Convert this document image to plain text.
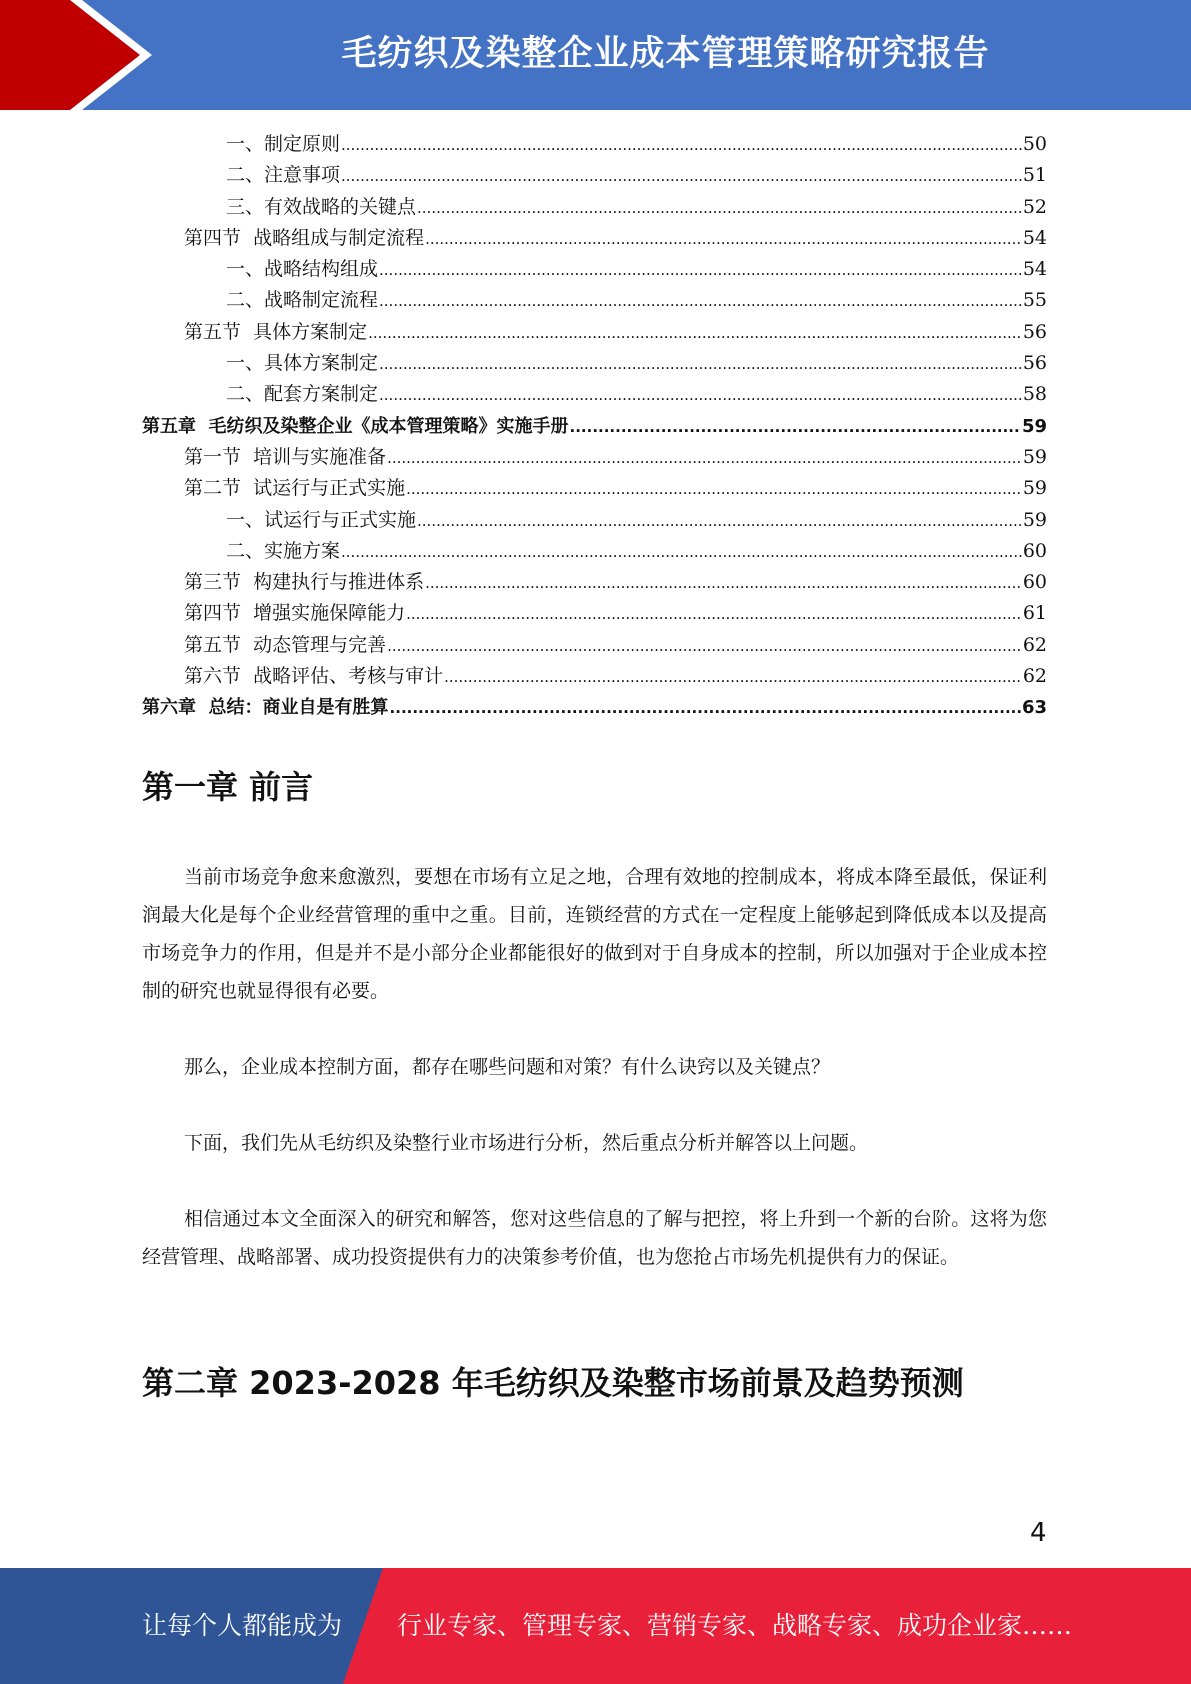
毛纺织及染整企业成本管理策略研究报告
一、制定原则 .....	50
二、注意事项 .....	51
三、有效战略的关键点 .....	52
第四节  战略组成与制定流程 .....	54
一、战略结构组成 .....	54
二、战略制定流程 .....	55
第五节  具体方案制定 .....	56
一、具体方案制定 .....	56
二、配套方案制定 .....	58
第五章  毛纺织及染整企业《成本管理策略》实施手册 .....	59
第一节  培训与实施准备 .....	59
第二节  试运行与正式实施 .....	59
一、试运行与正式实施 .....	59
二、实施方案 .....	60
第三节  构建执行与推进体系 .....	60
第四节  增强实施保障能力 .....	61
第五节  动态管理与完善 .....	62
第六节  战略评估、考核与审计 .....	62
第六章  总结：商业自是有胜算 .....	63
第一章 前言

当前市场竞争愈来愈激烈，要想在市场有立足之地，合理有效地的控制成本，将成本降至最低，保证利润最大化是每个企业经营管理的重中之重。目前，连锁经营的方式在一定程度上能够起到降低成本以及提高市场竞争力的作用，但是并不是小部分企业都能很好的做到对于自身成本的控制，所以加强对于企业成本控制的研究也就显得很有必要。

那么，企业成本控制方面，都存在哪些问题和对策？有什么诀窍以及关键点？

下面，我们先从毛纺织及染整行业市场进行分析，然后重点分析并解答以上问题。

相信通过本文全面深入的研究和解答，您对这些信息的了解与把控，将上升到一个新的台阶。这将为您经营管理、战略部署、成功投资提供有力的决策参考价值，也为您抢占市场先机提供有力的保证。

第二章 2023-2028 年毛纺织及染整市场前景及趋势预测
4
让每个人都能成为 行业专家、管理专家、营销专家、战略专家、成功企业家……
